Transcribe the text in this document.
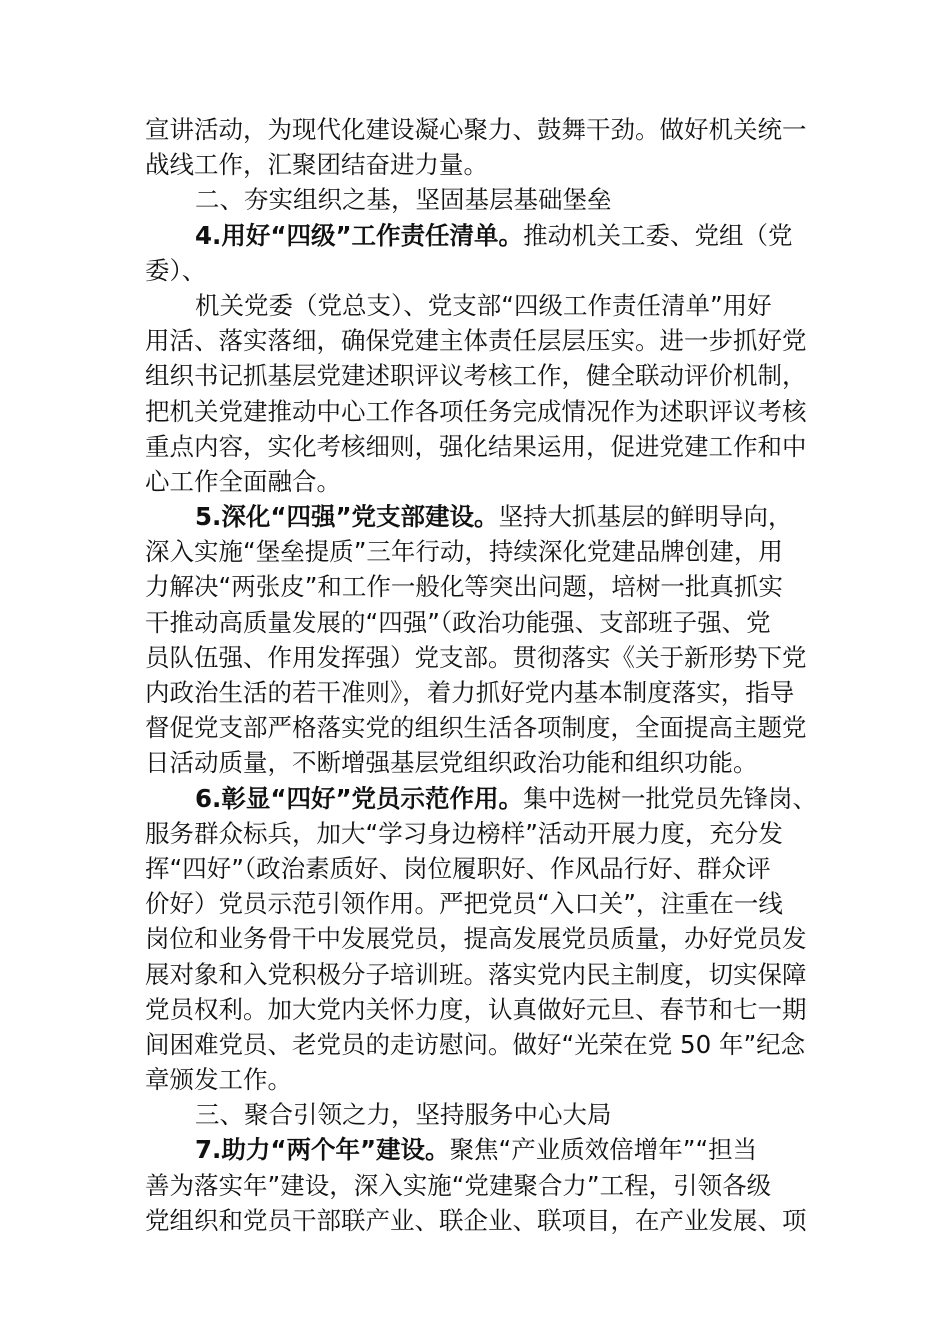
宣讲活动，为现代化建设凝心聚力、鼓舞干劲。做好机关统一
战线工作，汇聚团结奋进力量。
二、夯实组织之基，坚固基层基础堡垒
4.用好“四级”工作责任清单。推动机关工委、党组（党
委）、
机关党委（党总支）、党支部“四级工作责任清单”用好
用活、落实落细，确保党建主体责任层层压实。进一步抓好党
组织书记抓基层党建述职评议考核工作，健全联动评价机制，
把机关党建推动中心工作各项任务完成情况作为述职评议考核
重点内容，实化考核细则，强化结果运用，促进党建工作和中
心工作全面融合。
5.深化“四强”党支部建设。坚持大抓基层的鲜明导向，
深入实施“堡垒提质”三年行动，持续深化党建品牌创建，用
力解决“两张皮”和工作一般化等突出问题，培树一批真抓实
干推动高质量发展的“四强”（政治功能强、支部班子强、党
员队伍强、作用发挥强）党支部。贯彻落实《关于新形势下党
内政治生活的若干准则》，着力抓好党内基本制度落实，指导
督促党支部严格落实党的组织生活各项制度，全面提高主题党
日活动质量，不断增强基层党组织政治功能和组织功能。
6.彰显“四好”党员示范作用。集中选树一批党员先锋岗、
服务群众标兵，加大“学习身边榜样”活动开展力度，充分发
挥“四好”（政治素质好、岗位履职好、作风品行好、群众评
价好）党员示范引领作用。严把党员“入口关”，注重在一线
岗位和业务骨干中发展党员，提高发展党员质量，办好党员发
展对象和入党积极分子培训班。落实党内民主制度，切实保障
党员权利。加大党内关怀力度，认真做好元旦、春节和七一期
间困难党员、老党员的走访慰问。做好“光荣在党 50 年”纪念
章颁发工作。
三、聚合引领之力，坚持服务中心大局
7.助力“两个年”建设。聚焦“产业质效倍增年”“担当
善为落实年”建设，深入实施“党建聚合力”工程，引领各级
党组织和党员干部联产业、联企业、联项目，在产业发展、项
